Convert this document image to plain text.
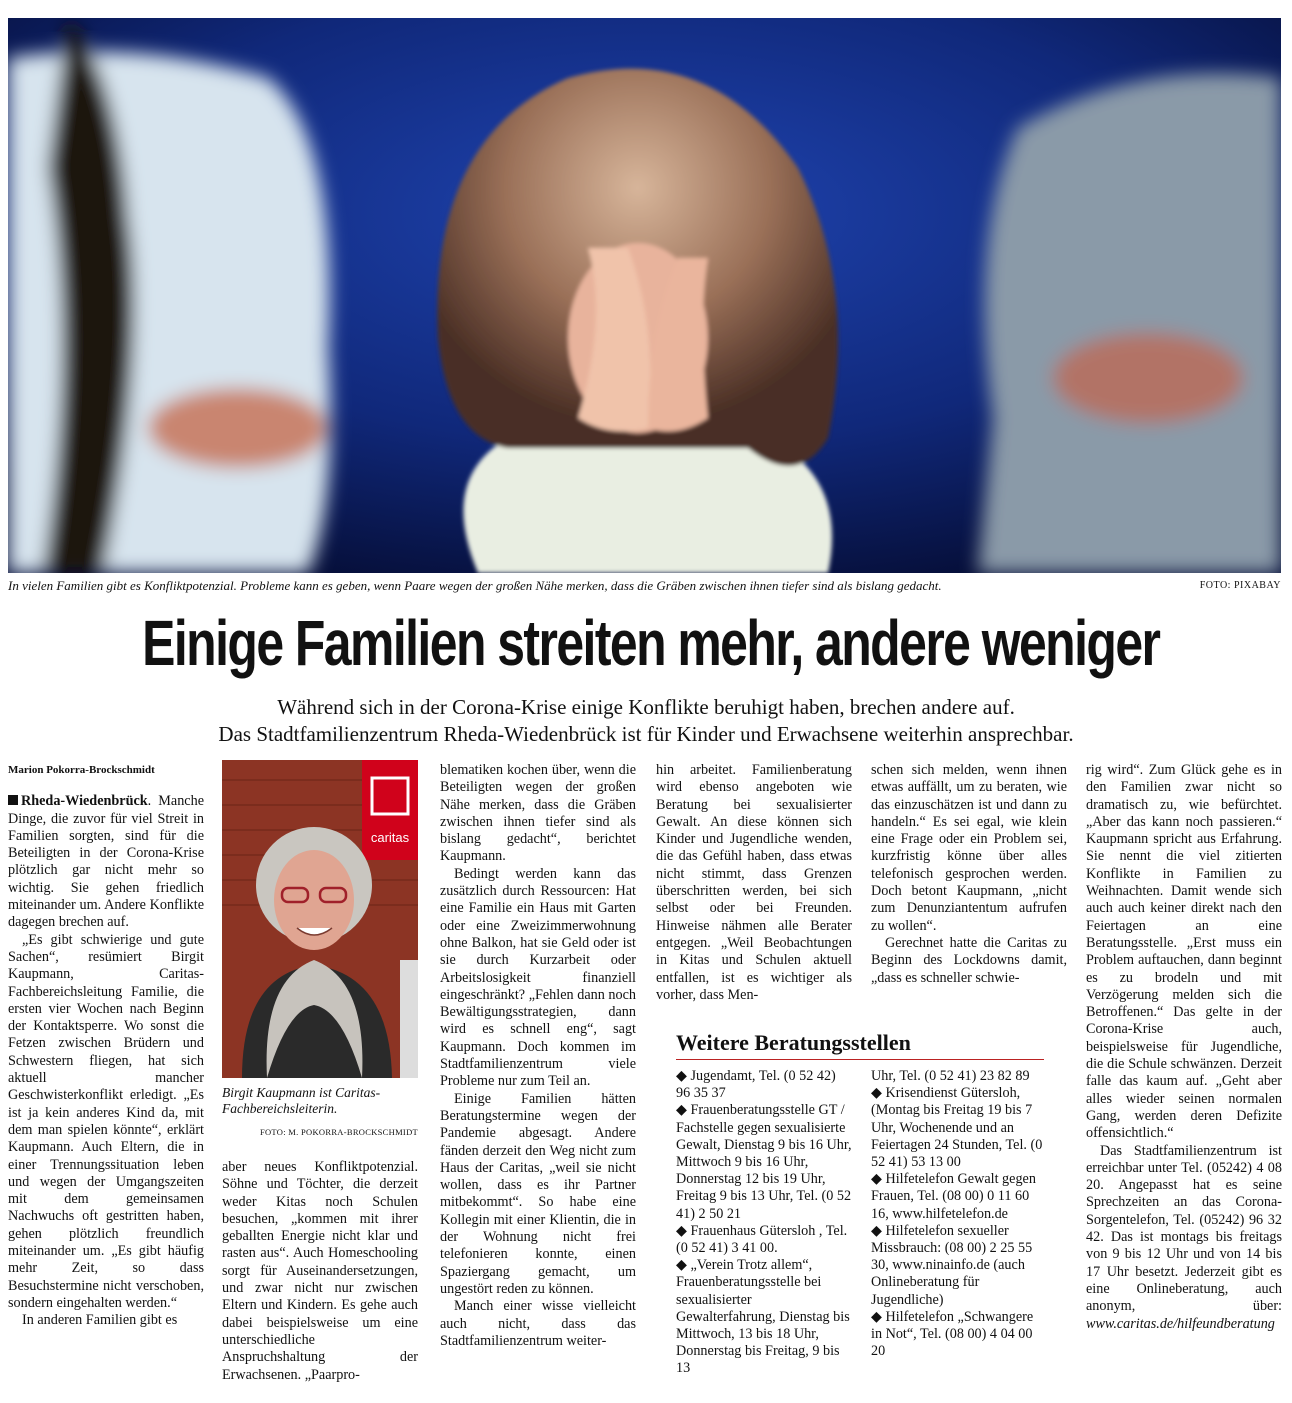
In vielen Familien gibt es Konfliktpotenzial. Probleme kann es geben, wenn Paare wegen der großen Nähe merken, dass die Gräben zwischen ihnen tiefer sind als bislang gedacht.	FOTO: PIXABAY
Einige Familien streiten mehr, andere weniger
Während sich in der Corona-Krise einige Konflikte beruhigt haben, brechen andere auf.
Das Stadtfamilienzentrum Rheda-Wiedenbrück ist für Kinder und Erwachsene weiterhin ansprechbar.
Marion Pokorra-Brockschmidt

Rheda-Wiedenbrück. Manche Dinge, die zuvor für viel Streit in Familien sorgten, sind für die Beteiligten in der Corona-Krise plötzlich gar nicht mehr so wichtig. Sie gehen friedlich miteinander um. Andere Konflikte dagegen brechen auf.

„Es gibt schwierige und gute Sachen“, resümiert Birgit Kaupmann, Caritas-Fachbereichsleitung Familie, die ersten vier Wochen nach Beginn der Kontaktsperre. Wo sonst die Fetzen zwischen Brüdern und Schwestern fliegen, hat sich aktuell mancher Geschwisterkonflikt erledigt. „Es ist ja kein anderes Kind da, mit dem man spielen könnte“, erklärt Kaupmann. Auch Eltern, die in einer Trennungssituation leben und wegen der Umgangszeiten mit dem gemeinsamen Nachwuchs oft gestritten haben, gehen plötzlich freundlich miteinander um. „Es gibt häufig mehr Zeit, so dass Besuchstermine nicht verschoben, sondern eingehalten werden.“

In anderen Familien gibt es

caritas
Birgit Kaupmann ist Caritas-Fachbereichsleiterin.
FOTO: M. POKORRA-BROCKSCHMIDT

aber neues Konfliktpotenzial. Söhne und Töchter, die derzeit weder Kitas noch Schulen besuchen, „kommen mit ihrer geballten Energie nicht klar und rasten aus“. Auch Homeschooling sorgt für Auseinandersetzungen, und zwar nicht nur zwischen Eltern und Kindern. Es gehe auch dabei beispielsweise um eine unterschiedliche Anspruchshaltung der Erwachsenen. „Paarpro-

blematiken kochen über, wenn die Beteiligten wegen der großen Nähe merken, dass die Gräben zwischen ihnen tiefer sind als bislang gedacht“, berichtet Kaupmann.

Bedingt werden kann das zusätzlich durch Ressourcen: Hat eine Familie ein Haus mit Garten oder eine Zweizimmerwohnung ohne Balkon, hat sie Geld oder ist sie durch Kurzarbeit oder Arbeitslosigkeit finanziell eingeschränkt? „Fehlen dann noch Bewältigungsstrategien, dann wird es schnell eng“, sagt Kaupmann. Doch kommen im Stadtfamilienzentrum viele Probleme nur zum Teil an.

Einige Familien hätten Beratungstermine wegen der Pandemie abgesagt. Andere fänden derzeit den Weg nicht zum Haus der Caritas, „weil sie nicht wollen, dass es ihr Partner mitbekommt“. So habe eine Kollegin mit einer Klientin, die in der Wohnung nicht frei telefonieren konnte, einen Spaziergang gemacht, um ungestört reden zu können.

Manch einer wisse vielleicht auch nicht, dass das Stadtfamilienzentrum weiter-

hin arbeitet. Familienberatung wird ebenso angeboten wie Beratung bei sexualisierter Gewalt. An diese können sich Kinder und Jugendliche wenden, die das Gefühl haben, dass etwas nicht stimmt, dass Grenzen überschritten werden, bei sich selbst oder bei Freunden. Hinweise nähmen alle Berater entgegen. „Weil Beobachtungen in Kitas und Schulen aktuell entfallen, ist es wichtiger als vorher, dass Men-

schen sich melden, wenn ihnen etwas auffällt, um zu beraten, wie das einzuschätzen ist und dann zu handeln.“ Es sei egal, wie klein eine Frage oder ein Problem sei, kurzfristig könne über alles telefonisch gesprochen werden. Doch betont Kaupmann, „nicht zum Denunziantentum aufrufen zu wollen“.

Gerechnet hatte die Caritas zu Beginn des Lockdowns damit, „dass es schneller schwie-

rig wird“. Zum Glück gehe es in den Familien zwar nicht so dramatisch zu, wie befürchtet. „Aber das kann noch passieren.“ Kaupmann spricht aus Erfahrung. Sie nennt die viel zitierten Konflikte in Familien zu Weihnachten. Damit wende sich auch auch keiner direkt nach den Feiertagen an eine Beratungsstelle. „Erst muss ein Problem auftauchen, dann beginnt es zu brodeln und mit Verzögerung melden sich die Betroffenen.“ Das gelte in der Corona-Krise auch, beispielsweise für Jugendliche, die die Schule schwänzen. Derzeit falle das kaum auf. „Geht aber alles wieder seinen normalen Gang, werden deren Defizite offensichtlich.“

Das Stadtfamilienzentrum ist erreichbar unter Tel. (05242) 4 08 20. Angepasst hat es seine Sprechzeiten an das Corona-Sorgentelefon, Tel. (05242) 96 32 42. Das ist montags bis freitags von 9 bis 12 Uhr und von 14 bis 17 Uhr besetzt. Jederzeit gibt es eine Onlineberatung, auch anonym, über: www.caritas.de/hilfeundberatung

Weitere Beratungsstellen

◆ Jugendamt, Tel. (0 52 42) 96 35 37

◆ Frauenberatungsstelle GT / Fachstelle gegen sexualisierte Gewalt, Dienstag 9 bis 16 Uhr, Mittwoch 9 bis 16 Uhr, Donnerstag 12 bis 19 Uhr, Freitag 9 bis 13 Uhr, Tel. (0 52 41) 2 50 21

◆ Frauenhaus Gütersloh , Tel. (0 52 41) 3 41 00.

◆ „Verein Trotz allem“, Frauenberatungsstelle bei sexualisierter Gewalterfahrung, Dienstag bis Mittwoch, 13 bis 18 Uhr, Donnerstag bis Freitag, 9 bis 13

Uhr, Tel. (0 52 41) 23 82 89

◆ Krisendienst Gütersloh, (Montag bis Freitag 19 bis 7 Uhr, Wochenende und an Feiertagen 24 Stunden, Tel. (0 52 41) 53 13 00

◆ Hilfetelefon Gewalt gegen Frauen, Tel. (08 00) 0 11 60 16, www.hilfetelefon.de

◆ Hilfetelefon sexueller Missbrauch: (08 00) 2 25 55 30, www.ninainfo.de (auch Onlineberatung für Jugendliche)

◆ Hilfetelefon „Schwangere in Not“, Tel. (08 00) 4 04 00 20
